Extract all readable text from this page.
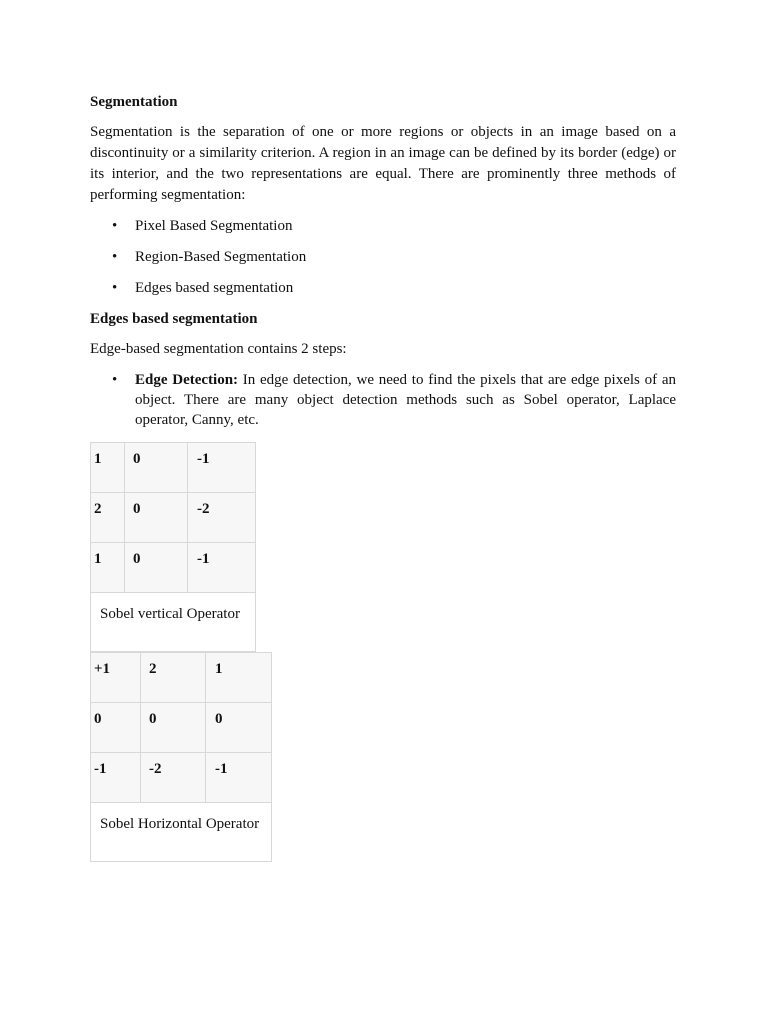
Segmentation

Segmentation is the separation of one or more regions or objects in an image based on a discontinuity or a similarity criterion. A region in an image can be defined by its border (edge) or its interior, and the two representations are equal. There are prominently three methods of performing segmentation:

• Pixel Based Segmentation
• Region-Based Segmentation
• Edges based segmentation
Edges based segmentation

Edge-based segmentation contains 2 steps:

• Edge Detection: In edge detection, we need to find the pixels that are edge pixels of an object. There are many object detection methods such as Sobel operator, Laplace operator, Canny, etc.
1	0	-1
2	0	-2
1	0	-1
Sobel vertical Operator		
+1	2	1
0	0	0
-1	-2	-1
Sobel Horizontal Operator		
